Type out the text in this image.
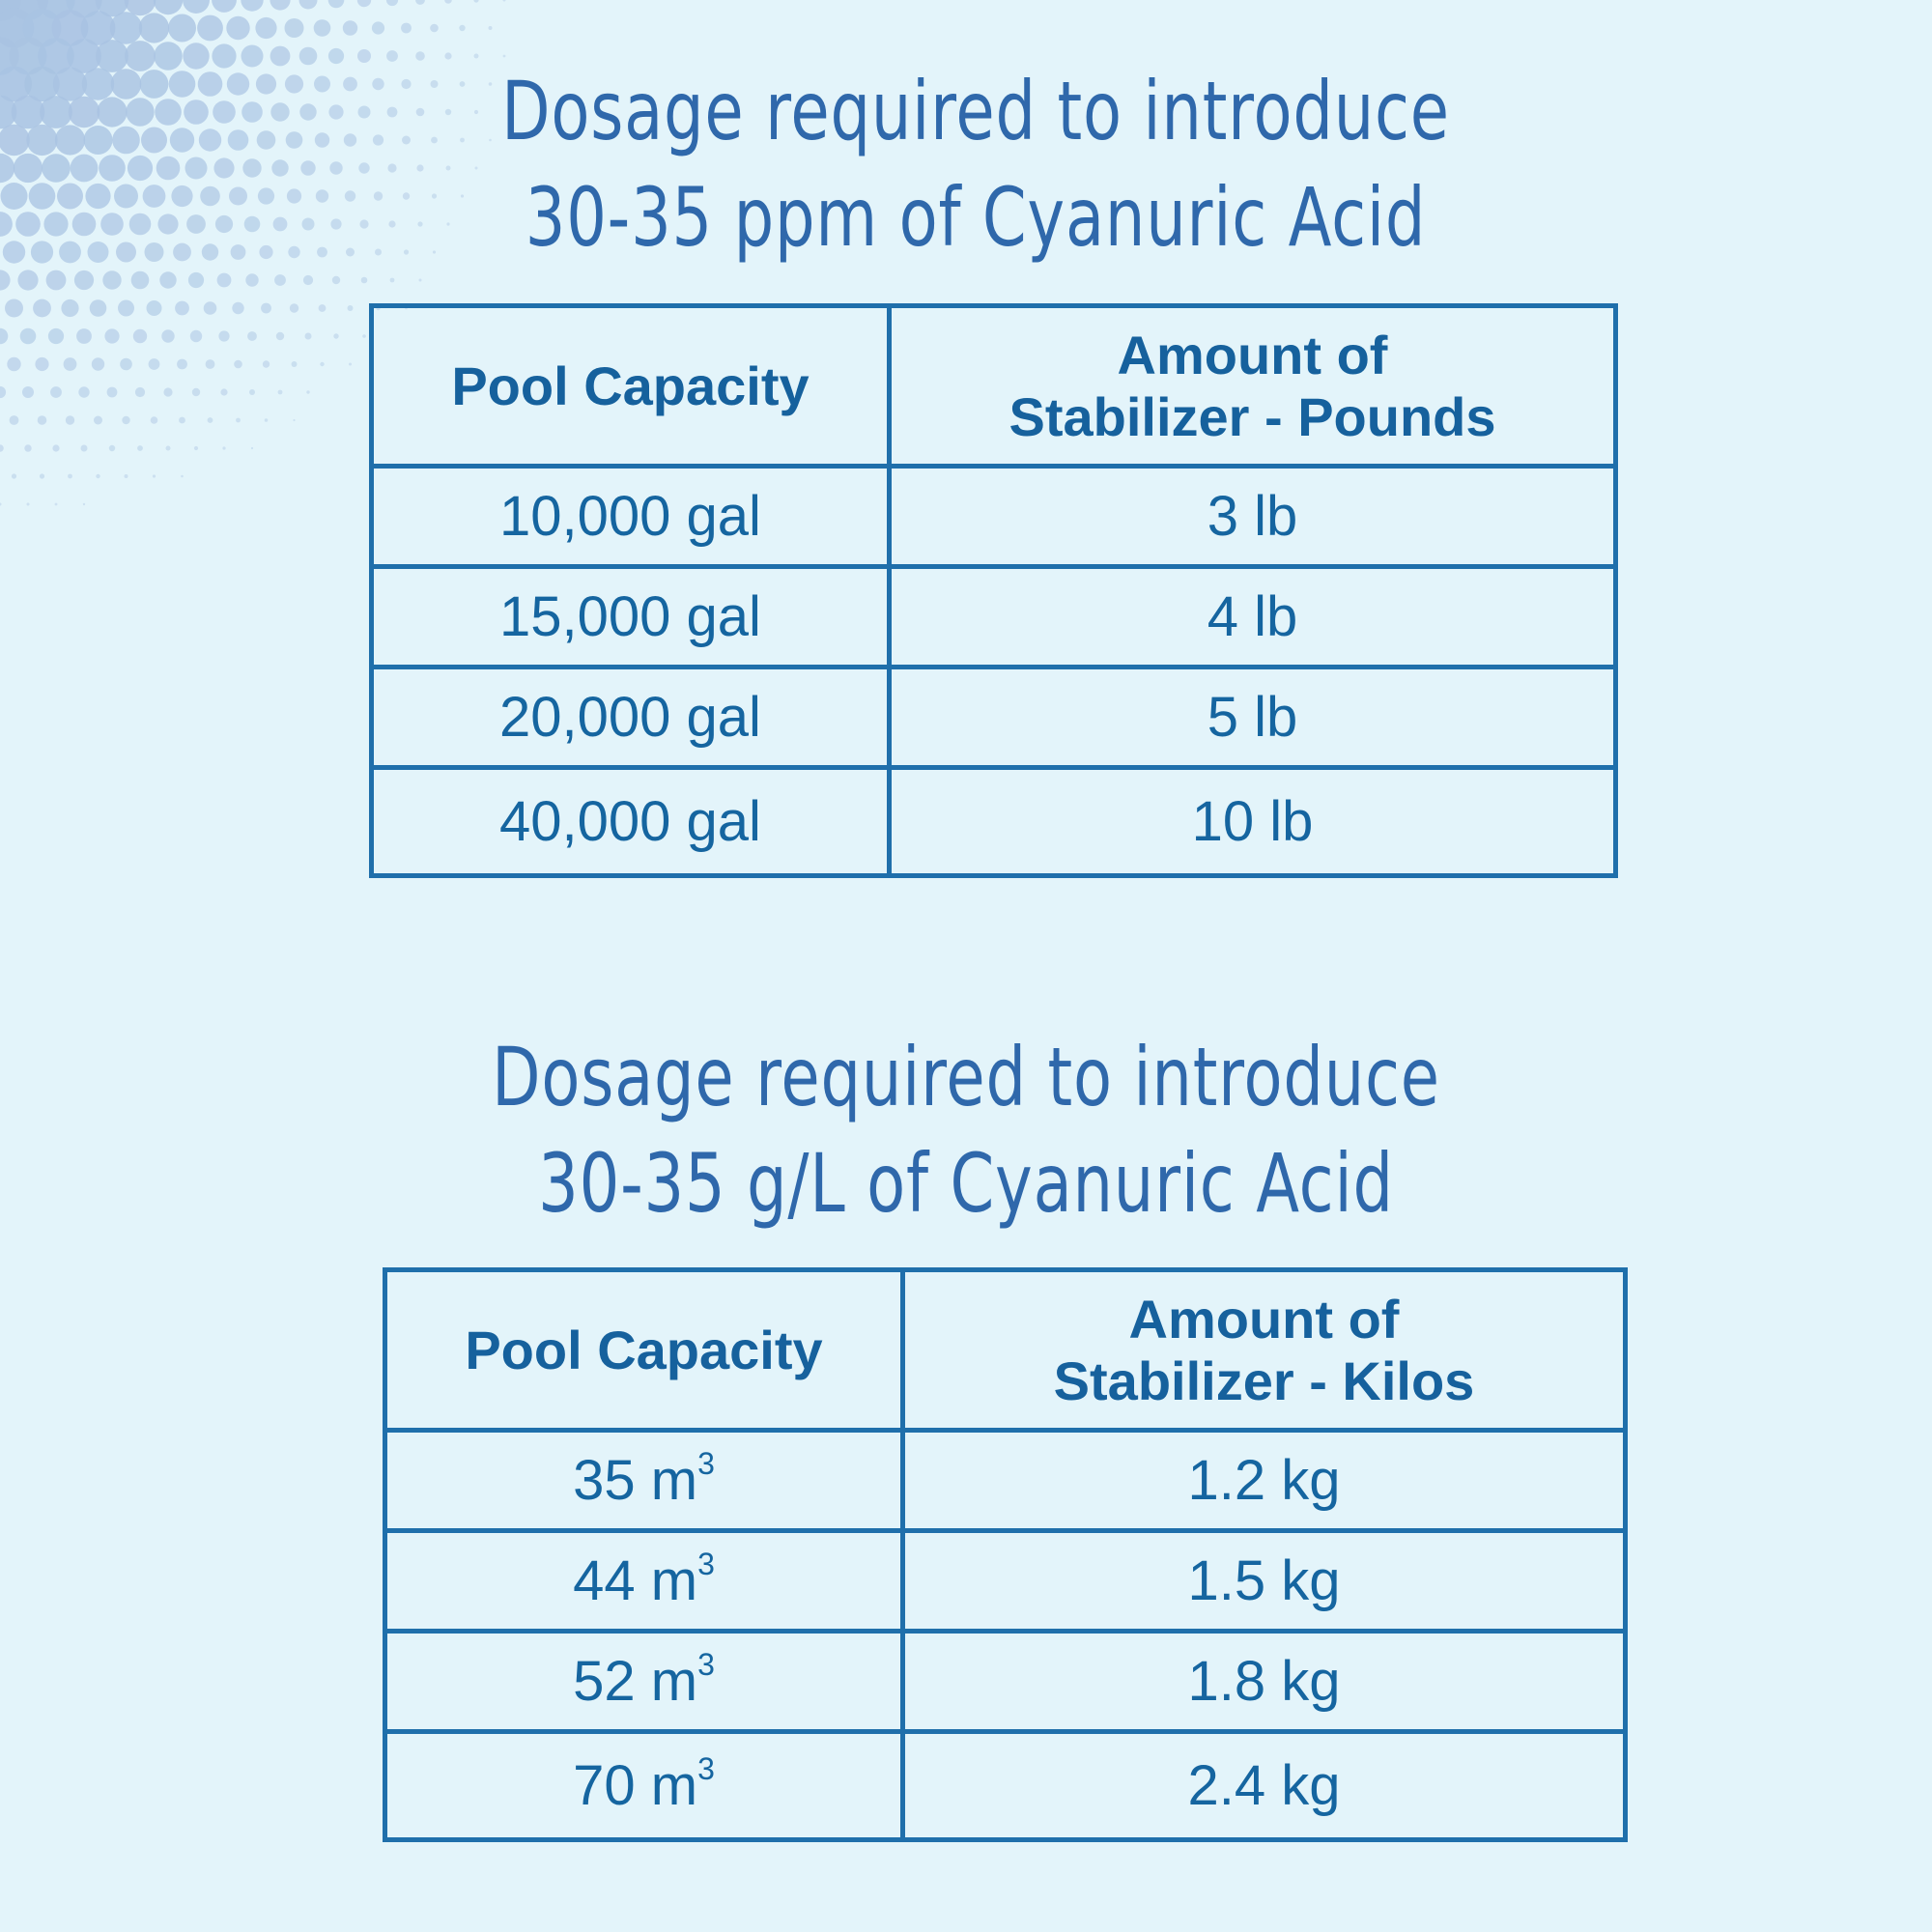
Dosage required to introduce
30-35 ppm of Cyanuric Acid
Pool Capacity	Amount of
Stabilizer - Pounds

10,000 gal	3 lb
15,000 gal	4 lb
20,000 gal	5 lb
40,000 gal	10 lb
Dosage required to introduce
30-35 g/L of Cyanuric Acid
Pool Capacity	Amount of
Stabilizer - Kilos

35 $m^3$	1.2 kg
44 $m^3$	1.5 kg
52 $m^3$	1.8 kg
70 $m^3$	2.4 kg
